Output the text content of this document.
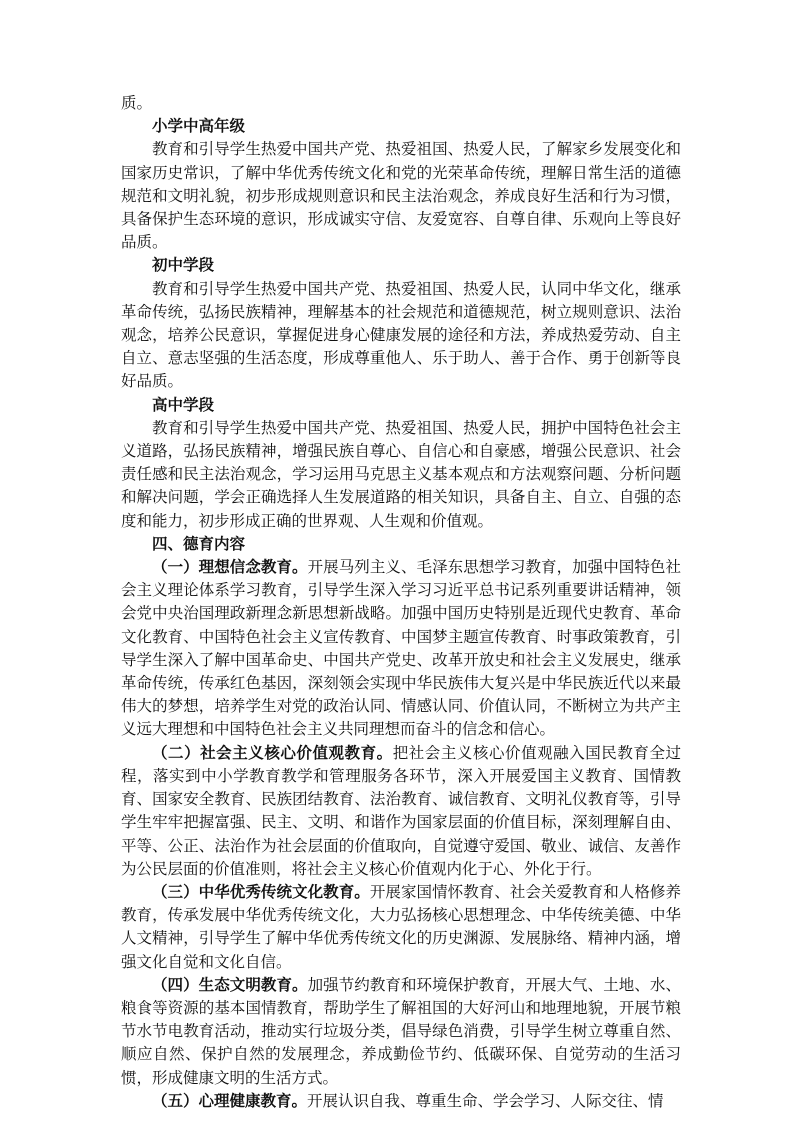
质。

小学中高年级

教育和引导学生热爱中国共产党、热爱祖国、热爱人民，了解家乡发展变化和国家历史常识，了解中华优秀传统文化和党的光荣革命传统，理解日常生活的道德规范和文明礼貌，初步形成规则意识和民主法治观念，养成良好生活和行为习惯，具备保护生态环境的意识，形成诚实守信、友爱宽容、自尊自律、乐观向上等良好品质。

初中学段

教育和引导学生热爱中国共产党、热爱祖国、热爱人民，认同中华文化，继承革命传统，弘扬民族精神，理解基本的社会规范和道德规范，树立规则意识、法治观念，培养公民意识，掌握促进身心健康发展的途径和方法，养成热爱劳动、自主自立、意志坚强的生活态度，形成尊重他人、乐于助人、善于合作、勇于创新等良好品质。

高中学段

教育和引导学生热爱中国共产党、热爱祖国、热爱人民，拥护中国特色社会主义道路，弘扬民族精神，增强民族自尊心、自信心和自豪感，增强公民意识、社会责任感和民主法治观念，学习运用马克思主义基本观点和方法观察问题、分析问题和解决问题，学会正确选择人生发展道路的相关知识，具备自主、自立、自强的态度和能力，初步形成正确的世界观、人生观和价值观。

四、德育内容

（一）理想信念教育。开展马列主义、毛泽东思想学习教育，加强中国特色社会主义理论体系学习教育，引导学生深入学习习近平总书记系列重要讲话精神，领会党中央治国理政新理念新思想新战略。加强中国历史特别是近现代史教育、革命文化教育、中国特色社会主义宣传教育、中国梦主题宣传教育、时事政策教育，引导学生深入了解中国革命史、中国共产党史、改革开放史和社会主义发展史，继承革命传统，传承红色基因，深刻领会实现中华民族伟大复兴是中华民族近代以来最伟大的梦想，培养学生对党的政治认同、情感认同、价值认同，不断树立为共产主义远大理想和中国特色社会主义共同理想而奋斗的信念和信心。

（二）社会主义核心价值观教育。把社会主义核心价值观融入国民教育全过程，落实到中小学教育教学和管理服务各环节，深入开展爱国主义教育、国情教育、国家安全教育、民族团结教育、法治教育、诚信教育、文明礼仪教育等，引导学生牢牢把握富强、民主、文明、和谐作为国家层面的价值目标，深刻理解自由、平等、公正、法治作为社会层面的价值取向，自觉遵守爱国、敬业、诚信、友善作为公民层面的价值准则，将社会主义核心价值观内化于心、外化于行。

（三）中华优秀传统文化教育。开展家国情怀教育、社会关爱教育和人格修养教育，传承发展中华优秀传统文化，大力弘扬核心思想理念、中华传统美德、中华人文精神，引导学生了解中华优秀传统文化的历史渊源、发展脉络、精神内涵，增强文化自觉和文化自信。

（四）生态文明教育。加强节约教育和环境保护教育，开展大气、土地、水、粮食等资源的基本国情教育，帮助学生了解祖国的大好河山和地理地貌，开展节粮节水节电教育活动，推动实行垃圾分类，倡导绿色消费，引导学生树立尊重自然、顺应自然、保护自然的发展理念，养成勤俭节约、低碳环保、自觉劳动的生活习惯，形成健康文明的生活方式。

（五）心理健康教育。开展认识自我、尊重生命、学会学习、人际交往、情
